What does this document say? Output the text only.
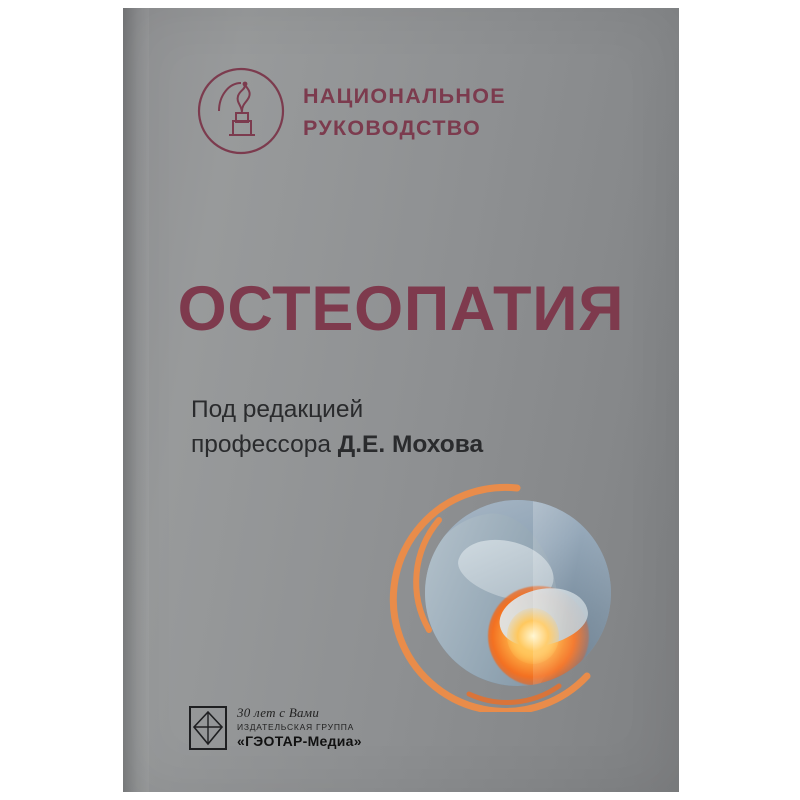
НАЦИОНАЛЬНОЕ
РУКОВОДСТВО
ОСТЕОПАТИЯ
Под редакцией
профессора Д.Е. Мохова
30 лет с Вами
ИЗДАТЕЛЬСКАЯ ГРУППА
«ГЭОТАР-Медиа»
